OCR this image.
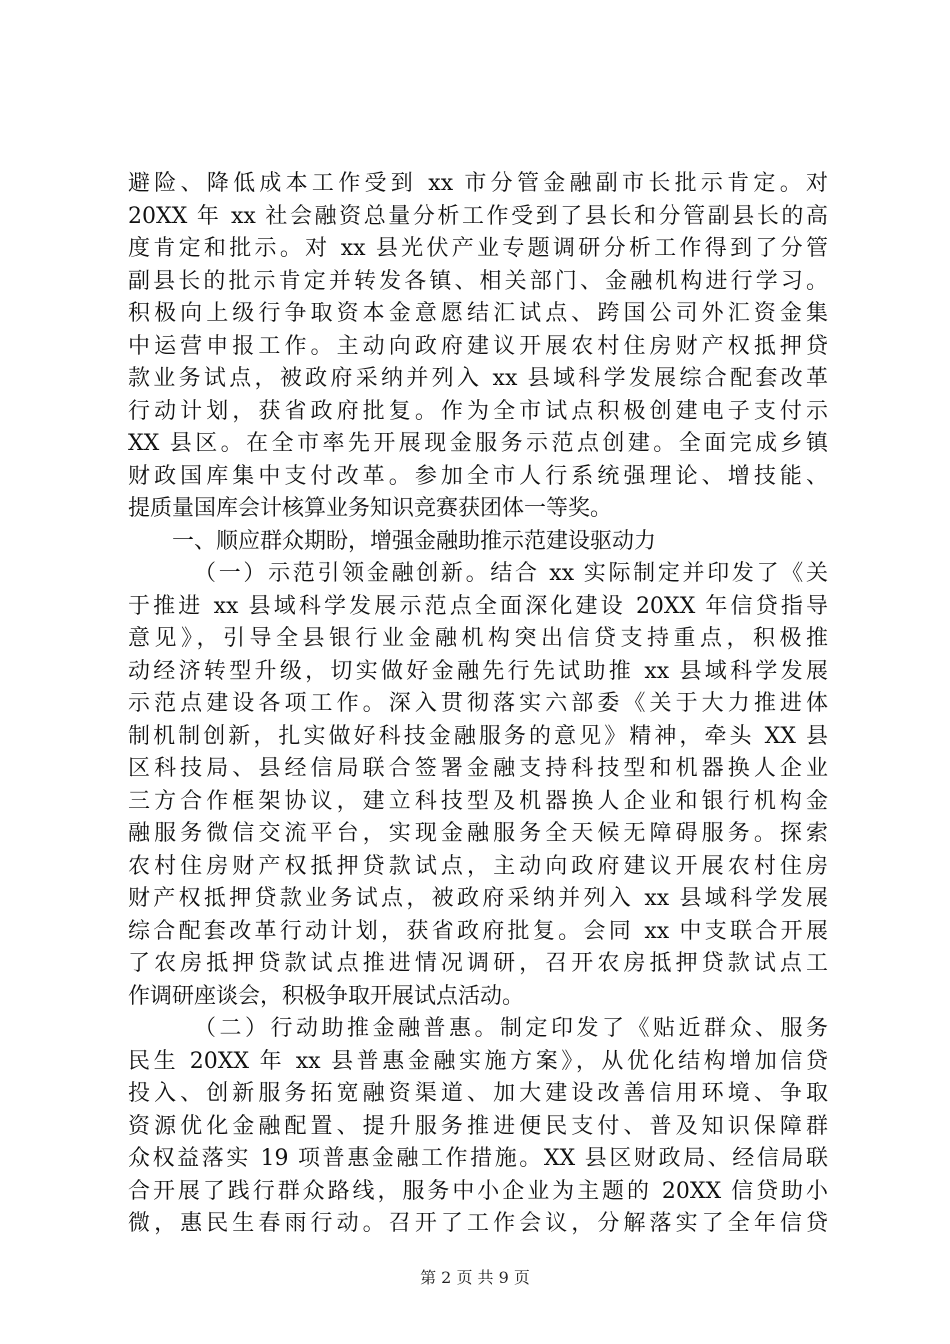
避险、降低成本工作受到 xx 市分管金融副市长批示肯定。对
20XX 年 xx 社会融资总量分析工作受到了县长和分管副县长的高
度肯定和批示。对 xx 县光伏产业专题调研分析工作得到了分管
副县长的批示肯定并转发各镇、相关部门、金融机构进行学习。
积极向上级行争取资本金意愿结汇试点、跨国公司外汇资金集
中运营申报工作。主动向政府建议开展农村住房财产权抵押贷
款业务试点，被政府采纳并列入 xx 县域科学发展综合配套改革
行动计划，获省政府批复。作为全市试点积极创建电子支付示
XX 县区。在全市率先开展现金服务示范点创建。全面完成乡镇
财政国库集中支付改革。参加全市人行系统强理论、增技能、
提质量国库会计核算业务知识竞赛获团体一等奖。
一、顺应群众期盼，增强金融助推示范建设驱动力
（一）示范引领金融创新。结合 xx 实际制定并印发了《关
于推进 xx 县域科学发展示范点全面深化建设 20XX 年信贷指导
意见》，引导全县银行业金融机构突出信贷支持重点，积极推
动经济转型升级，切实做好金融先行先试助推 xx 县域科学发展
示范点建设各项工作。深入贯彻落实六部委《关于大力推进体
制机制创新，扎实做好科技金融服务的意见》精神，牵头 XX 县
区科技局、县经信局联合签署金融支持科技型和机器换人企业
三方合作框架协议，建立科技型及机器换人企业和银行机构金
融服务微信交流平台，实现金融服务全天候无障碍服务。探索
农村住房财产权抵押贷款试点，主动向政府建议开展农村住房
财产权抵押贷款业务试点，被政府采纳并列入 xx 县域科学发展
综合配套改革行动计划，获省政府批复。会同 xx 中支联合开展
了农房抵押贷款试点推进情况调研，召开农房抵押贷款试点工
作调研座谈会，积极争取开展试点活动。
（二）行动助推金融普惠。制定印发了《贴近群众、服务
民生 20XX 年 xx 县普惠金融实施方案》，从优化结构增加信贷
投入、创新服务拓宽融资渠道、加大建设改善信用环境、争取
资源优化金融配置、提升服务推进便民支付、普及知识保障群
众权益落实 19 项普惠金融工作措施。XX 县区财政局、经信局联
合开展了践行群众路线，服务中小企业为主题的 20XX 信贷助小
微，惠民生春雨行动。召开了工作会议，分解落实了全年信贷
第 2 页 共 9 页
